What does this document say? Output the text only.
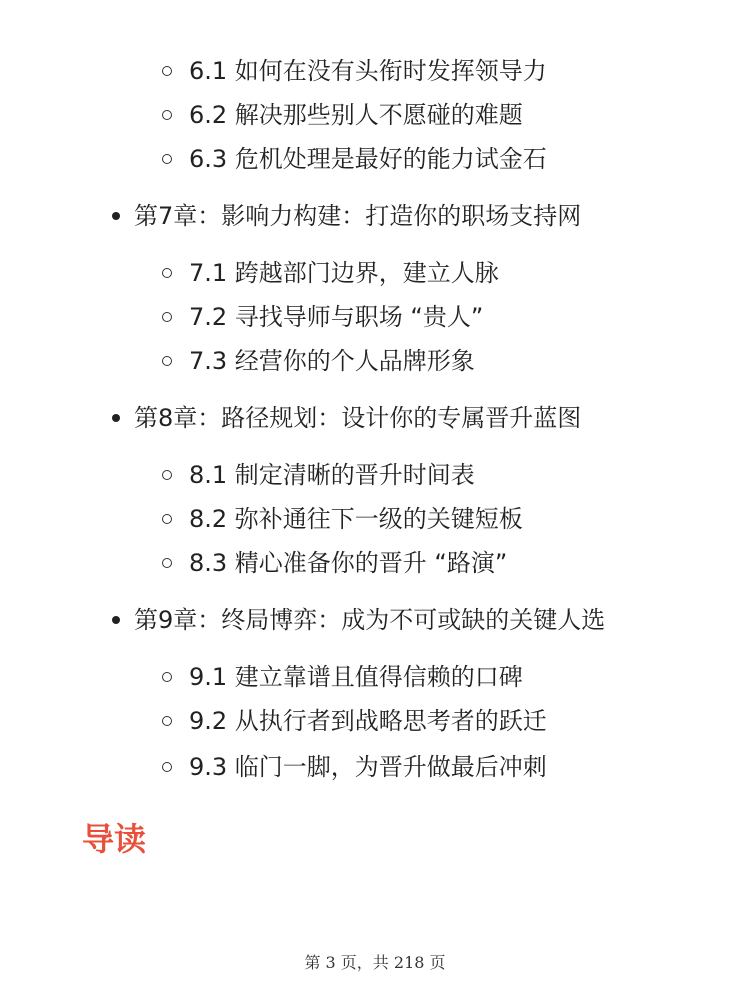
6.1 如何在没有头衔时发挥领导力
6.2 解决那些别人不愿碰的难题
6.3 危机处理是最好的能力试金石
第7章：影响力构建：打造你的职场支持网
7.1 跨越部门边界，建立人脉
7.2 寻找导师与职场 “贵人”
7.3 经营你的个人品牌形象
第8章：路径规划：设计你的专属晋升蓝图
8.1 制定清晰的晋升时间表
8.2 弥补通往下一级的关键短板
8.3 精心准备你的晋升 “路演”
第9章：终局博弈：成为不可或缺的关键人选
9.1 建立靠谱且值得信赖的口碑
9.2 从执行者到战略思考者的跃迁
9.3 临门一脚，为晋升做最后冲刺
导读
第 3 页，共 218 页
